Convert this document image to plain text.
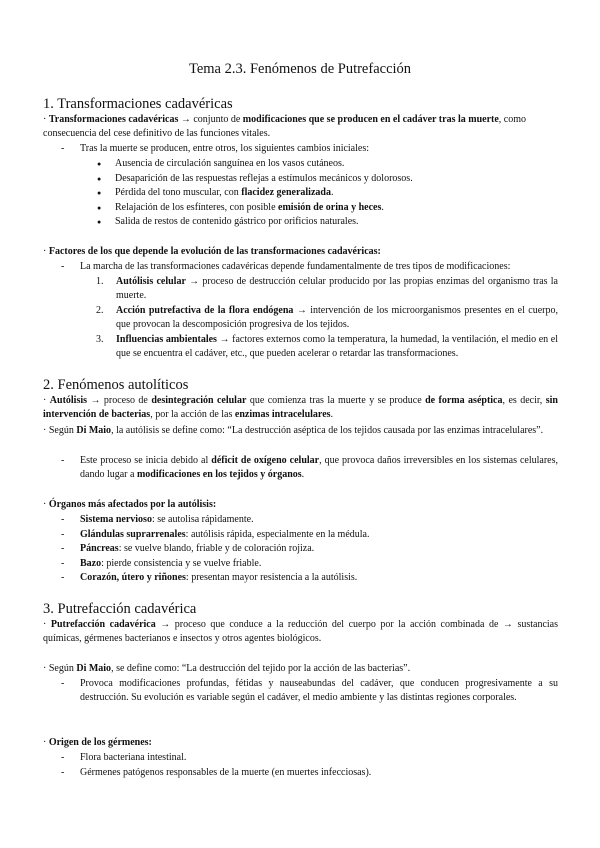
Tema 2.3. Fenómenos de Putrefacción
1. Transformaciones cadavéricas
· Transformaciones cadavéricas → conjunto de modificaciones que se producen en el cadáver tras la muerte, como consecuencia del cese definitivo de las funciones vitales.
- Tras la muerte se producen, entre otros, los siguientes cambios iniciales:
● Ausencia de circulación sanguínea en los vasos cutáneos.
● Desaparición de las respuestas reflejas a estímulos mecánicos y dolorosos.
● Pérdida del tono muscular, con flacidez generalizada.
● Relajación de los esfínteres, con posible emisión de orina y heces.
● Salida de restos de contenido gástrico por orificios naturales.
· Factores de los que depende la evolución de las transformaciones cadavéricas:
- La marcha de las transformaciones cadavéricas depende fundamentalmente de tres tipos de modificaciones:
1. Autólisis celular → proceso de destrucción celular producido por las propias enzimas del organismo tras la muerte.
2. Acción putrefactiva de la flora endógena → intervención de los microorganismos presentes en el cuerpo, que provocan la descomposición progresiva de los tejidos.
3. Influencias ambientales → factores externos como la temperatura, la humedad, la ventilación, el medio en el que se encuentra el cadáver, etc., que pueden acelerar o retardar las transformaciones.
2. Fenómenos autolíticos
· Autólisis → proceso de desintegración celular que comienza tras la muerte y se produce de forma aséptica, es decir, sin intervención de bacterias, por la acción de las enzimas intracelulares.
· Según Di Maio, la autólisis se define como: “La destrucción aséptica de los tejidos causada por las enzimas intracelulares”.
- Este proceso se inicia debido al déficit de oxígeno celular, que provoca daños irreversibles en los sistemas celulares, dando lugar a modificaciones en los tejidos y órganos.
· Órganos más afectados por la autólisis:
- Sistema nervioso: se autolisa rápidamente.
- Glándulas suprarrenales: autólisis rápida, especialmente en la médula.
- Páncreas: se vuelve blando, friable y de coloración rojiza.
- Bazo: pierde consistencia y se vuelve friable.
- Corazón, útero y riñones: presentan mayor resistencia a la autólisis.
3. Putrefacción cadavérica
· Putrefacción cadavérica → proceso que conduce a la reducción del cuerpo por la acción combinada de → sustancias químicas, gérmenes bacterianos e insectos y otros agentes biológicos.
· Según Di Maio, se define como: “La destrucción del tejido por la acción de las bacterias”.
- Provoca modificaciones profundas, fétidas y nauseabundas del cadáver, que conducen progresivamente a su destrucción. Su evolución es variable según el cadáver, el medio ambiente y las distintas regiones corporales.
· Origen de los gérmenes:
- Flora bacteriana intestinal.
- Gérmenes patógenos responsables de la muerte (en muertes infecciosas).
